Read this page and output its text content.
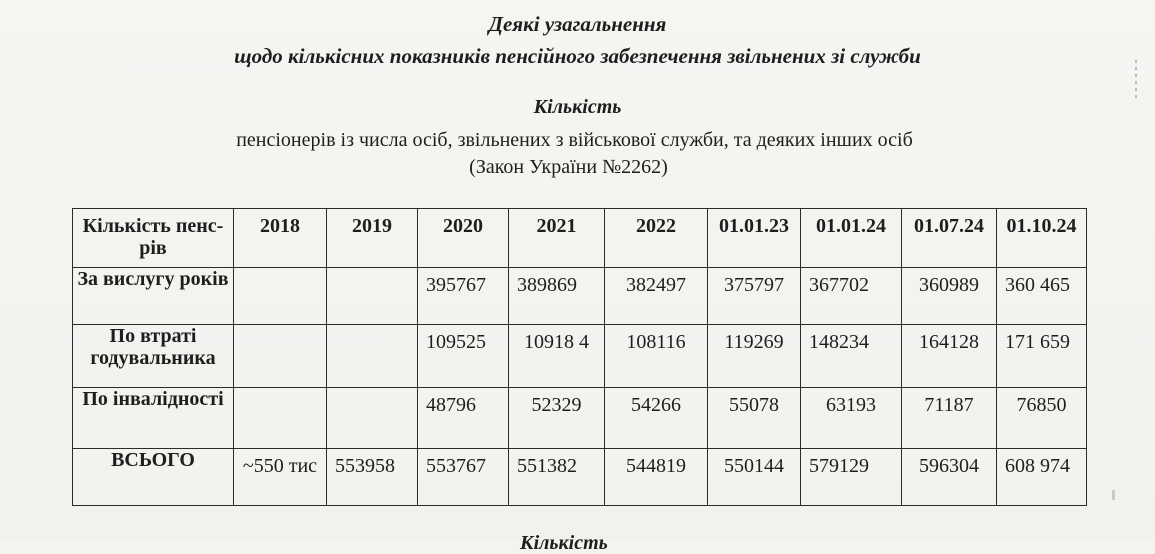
Деякі узагальнення
щодо кількісних показників пенсійного забезпечення звільнених зі служби
Кількість
пенсіонерів із числа осіб, звільнених з військової служби, та деяких інших осіб
(Закон України №2262)
Кількість пенс-рів	2018	2019	2020	2021	2022	01.01.23	01.01.24	01.07.24	01.10.24
За вислугу років			395767	389869	382497	375797	367702	360989	360 465
По втраті годувальника			109525	10918 4	108116	119269	148234	164128	171 659
По інвалідності			48796	52329	54266	55078	63193	71187	76850
ВСЬОГО	~550 тис	553958	553767	551382	544819	550144	579129	596304	608 974
Кількість
